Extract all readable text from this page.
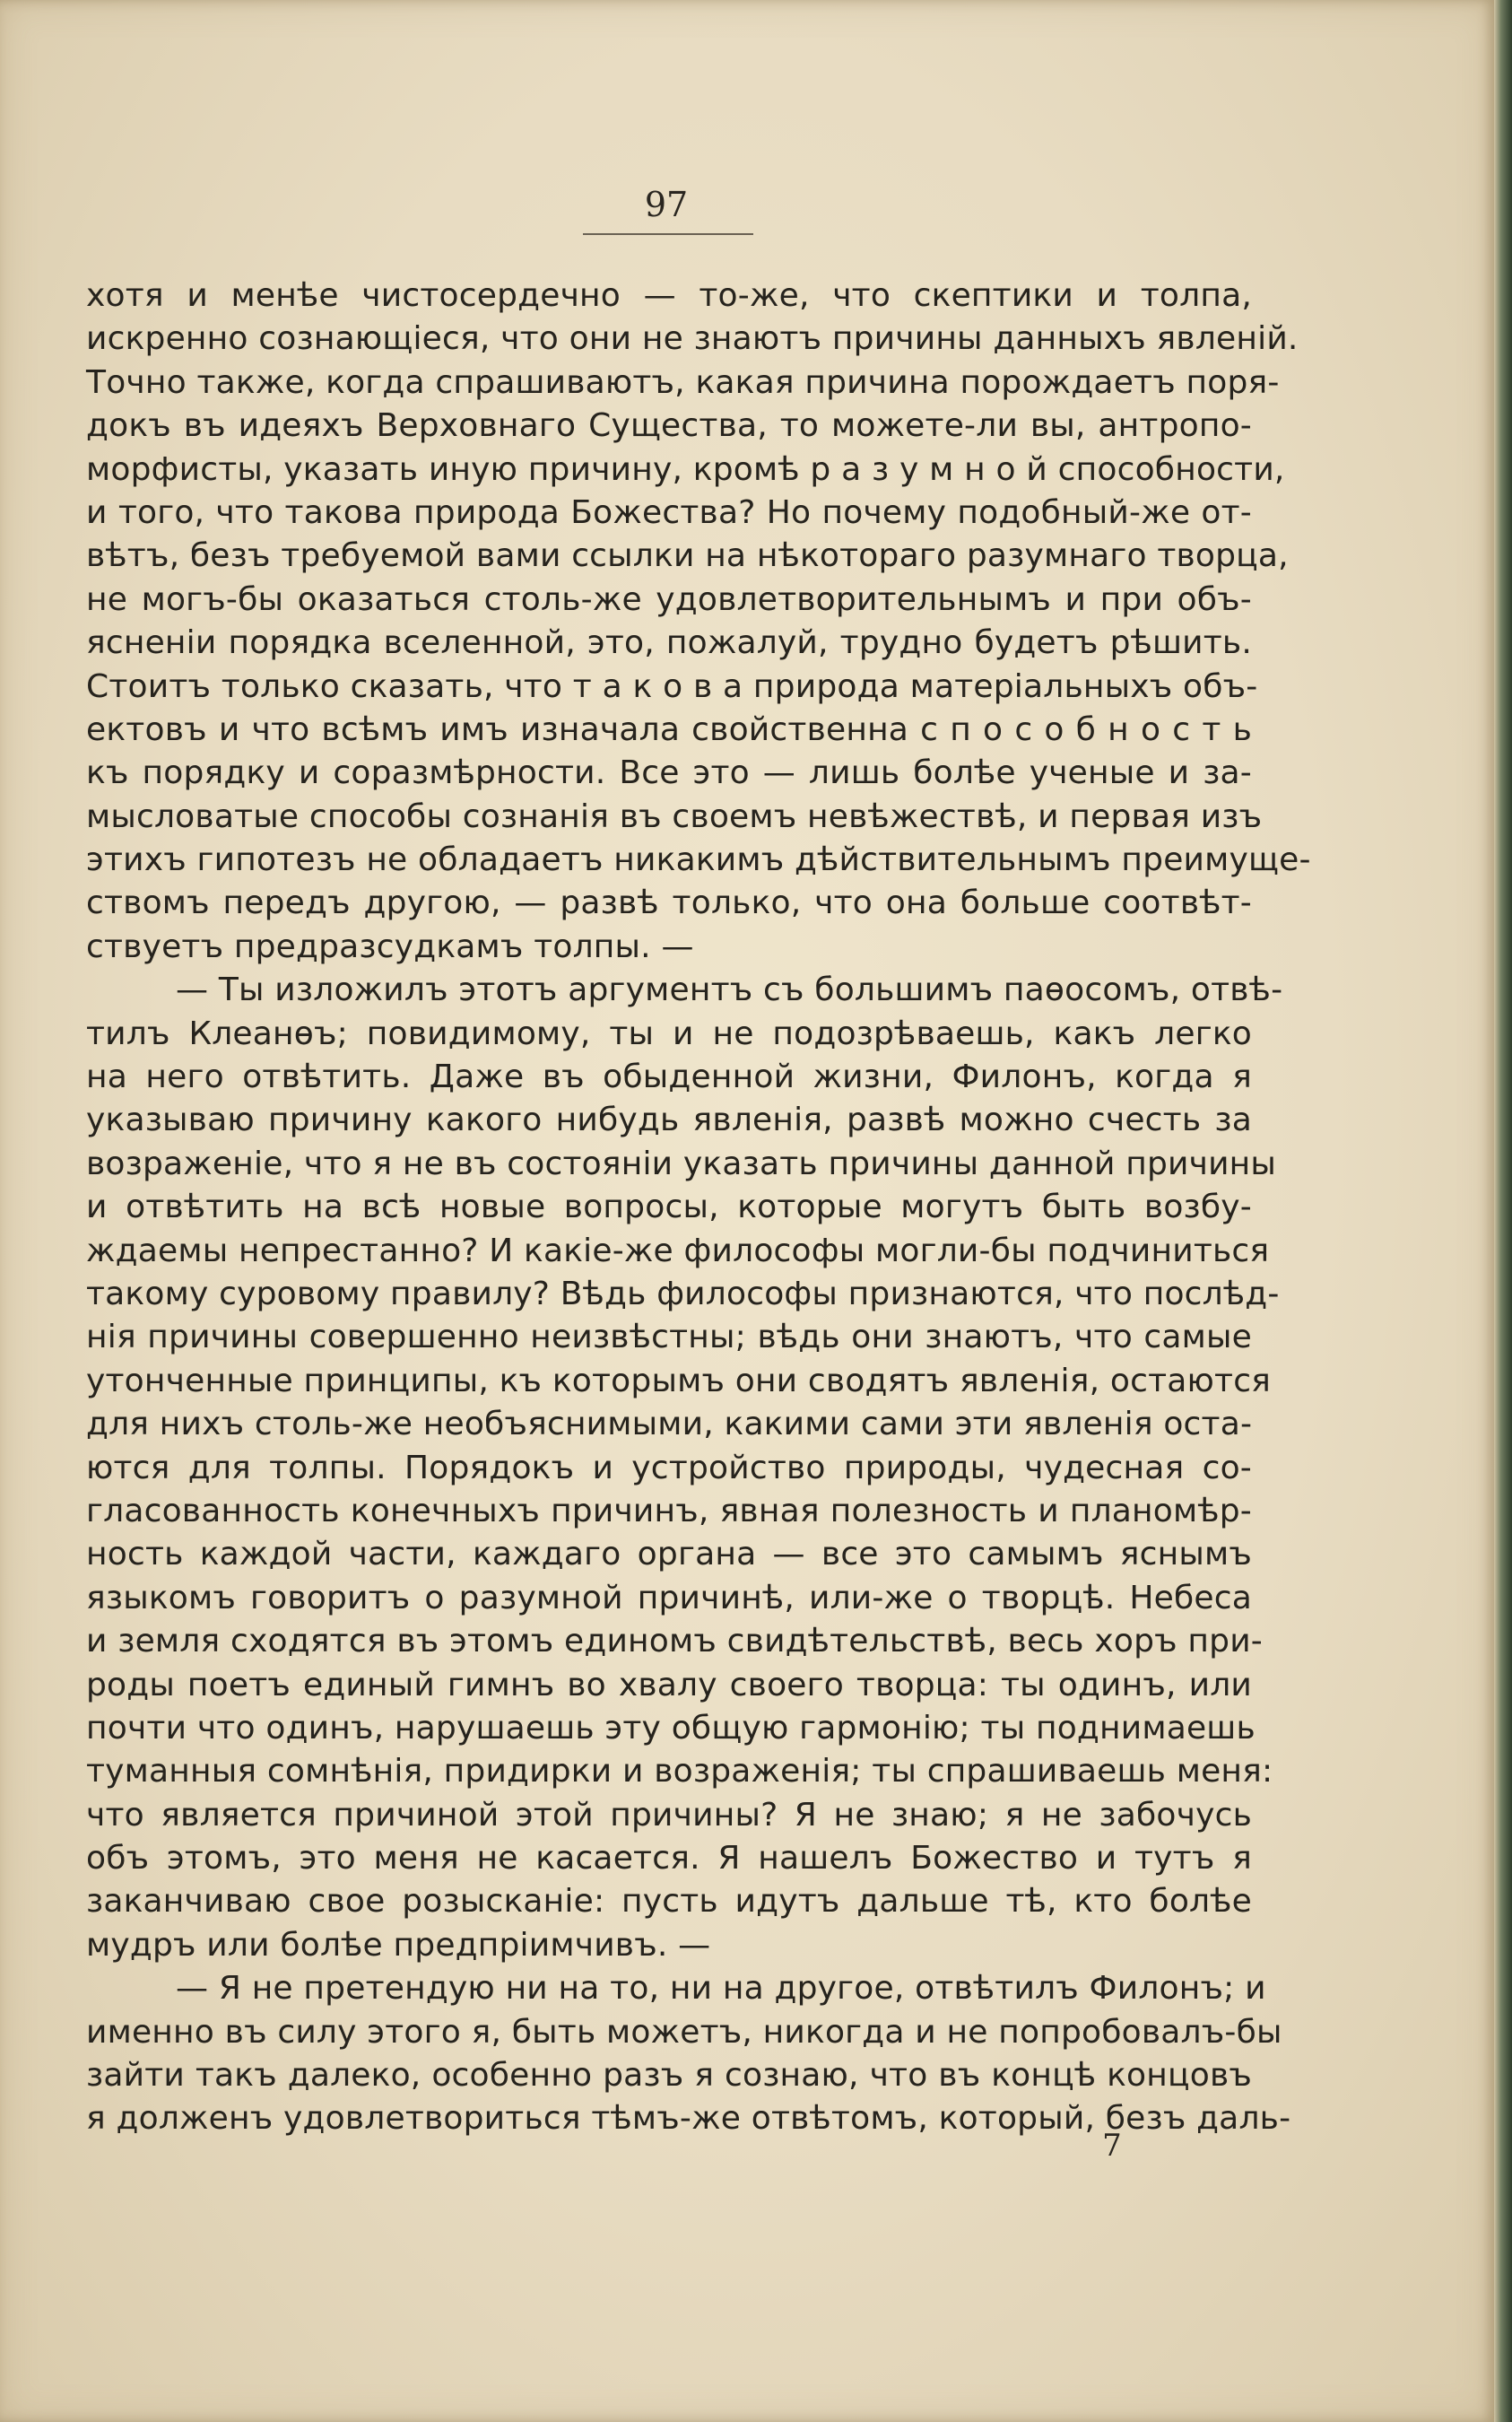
97
хотя и менѣе чистосердечно — то-же, что скептики и толпа,
искренно сознающіеся, что они не знаютъ причины данныхъ явленій.
Точно также, когда спрашиваютъ, какая причина порождаетъ поря-
докъ въ идеяхъ Верховнаго Существа, то можете-ли вы, антропо-
морфисты, указать иную причину, кромѣ р а з у м н о й способности,
и того, что такова природа Божества? Но почему подобный-же от-
вѣтъ, безъ требуемой вами ссылки на нѣкотораго разумнаго творца,
не могъ-бы оказаться столь-же удовлетворительнымъ и при объ-
ясненіи порядка вселенной, это, пожалуй, трудно будетъ рѣшить.
Стоитъ только сказать, что т а к о в а природа матеріальныхъ объ-
ектовъ и что всѣмъ имъ изначала свойственна с п о с о б н о с т ь
къ порядку и соразмѣрности. Все это — лишь болѣе ученые и за-
мысловатые способы сознанія въ своемъ невѣжествѣ, и первая изъ
этихъ гипотезъ не обладаетъ никакимъ дѣйствительнымъ преимуще-
ствомъ передъ другою, — развѣ только, что она больше соотвѣт-
ствуетъ предразсудкамъ толпы. —
— Ты изложилъ этотъ аргументъ съ большимъ паѳосомъ, отвѣ-
тилъ Клеанѳъ; повидимому, ты и не подозрѣваешь, какъ легко
на него отвѣтить. Даже въ обыденной жизни, Филонъ, когда я
указываю причину какого нибудь явленія, развѣ можно счесть за
возраженіе, что я не въ состояніи указать причины данной причины
и отвѣтить на всѣ новые вопросы, которые могутъ быть возбу-
ждаемы непрестанно? И какіе-же философы могли-бы подчиниться
такому суровому правилу? Вѣдь философы признаются, что послѣд-
нія причины совершенно неизвѣстны; вѣдь они знаютъ, что самые
утонченные принципы, къ которымъ они сводятъ явленія, остаются
для нихъ столь-же необъяснимыми, какими сами эти явленія оста-
ются для толпы. Порядокъ и устройство природы, чудесная со-
гласованность конечныхъ причинъ, явная полезность и планомѣр-
ность каждой части, каждаго органа — все это самымъ яснымъ
языкомъ говоритъ о разумной причинѣ, или-же о творцѣ. Небеса
и земля сходятся въ этомъ единомъ свидѣтельствѣ, весь хоръ при-
роды поетъ единый гимнъ во хвалу своего творца: ты одинъ, или
почти что одинъ, нарушаешь эту общую гармонію; ты поднимаешь
туманныя сомнѣнія, придирки и возраженія; ты спрашиваешь меня:
что является причиной этой причины? Я не знаю; я не забочусь
объ этомъ, это меня не касается. Я нашелъ Божество и тутъ я
заканчиваю свое розысканіе: пусть идутъ дальше тѣ, кто болѣе
мудръ или болѣе предпріимчивъ. —
— Я не претендую ни на то, ни на другое, отвѣтилъ Филонъ; и
именно въ силу этого я, быть можетъ, никогда и не попробовалъ-бы
зайти такъ далеко, особенно разъ я сознаю, что въ концѣ концовъ
я долженъ удовлетвориться тѣмъ-же отвѣтомъ, который, безъ даль-
7
